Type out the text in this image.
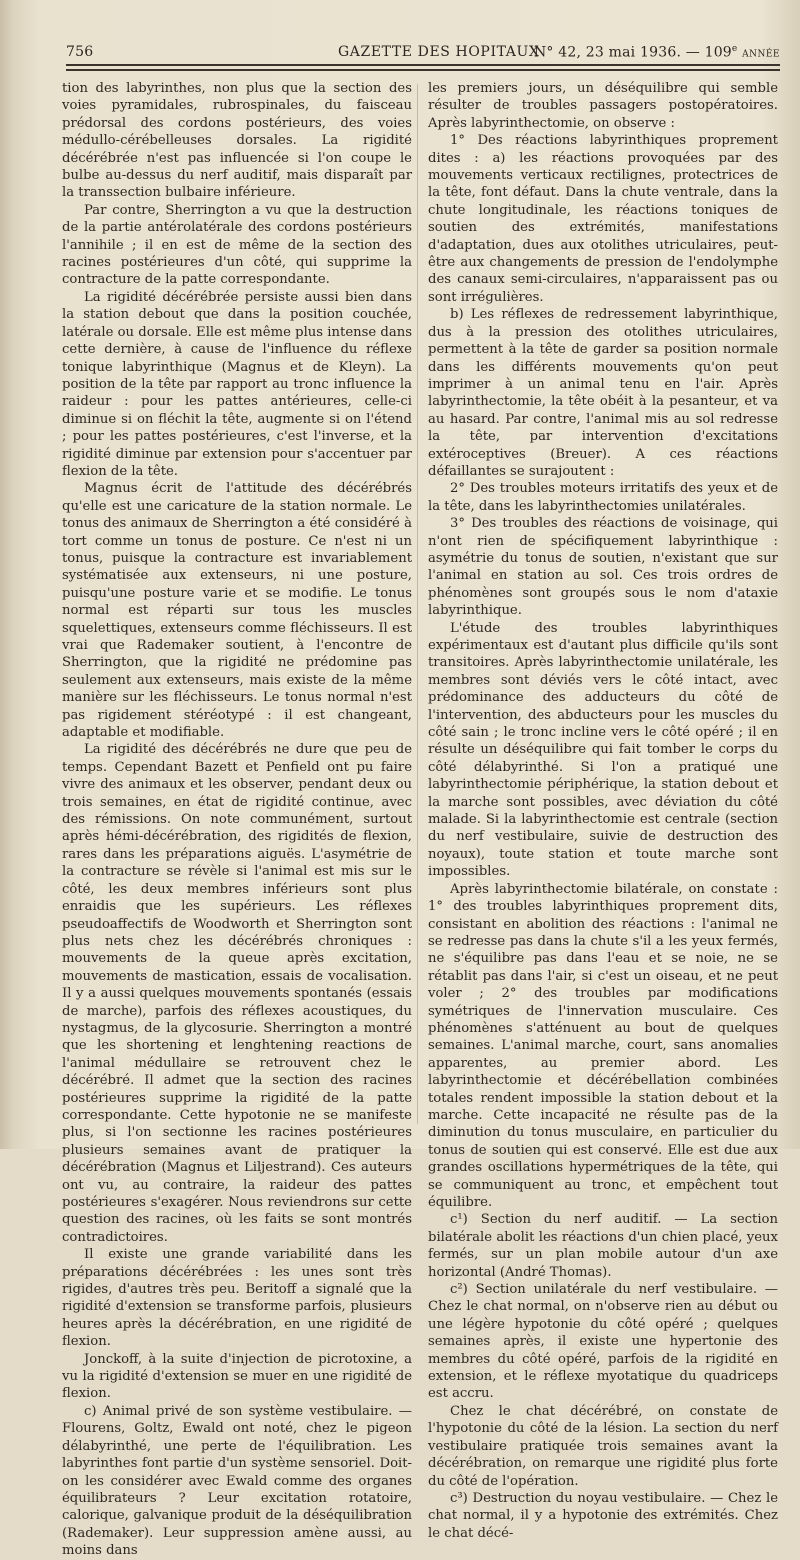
756	GAZETTE DES HOPITAUX
N° 42, 23 mai 1936. — 109e ANNÉE

tion des labyrinthes, non plus que la section des voies pyramidales, rubrospinales, du faisceau prédorsal des cordons postérieurs, des voies médullo-cérébelleuses dorsales. La rigidité décérébrée n'est pas influencée si l'on coupe le bulbe au-dessus du nerf auditif, mais disparaît par la transsection bulbaire inférieure.

Par contre, Sherrington a vu que la destruction de la partie antérolatérale des cordons postérieurs l'annihile ; il en est de même de la section des racines postérieures d'un côté, qui supprime la contracture de la patte correspondante.

La rigidité décérébrée persiste aussi bien dans la station debout que dans la position couchée, latérale ou dorsale. Elle est même plus intense dans cette dernière, à cause de l'influence du réflexe tonique labyrinthique (Magnus et de Kleyn). La position de la tête par rapport au tronc influence la raideur : pour les pattes antérieures, celle-ci diminue si on fléchit la tête, augmente si on l'étend ; pour les pattes postérieures, c'est l'inverse, et la rigidité diminue par extension pour s'accentuer par flexion de la tête.

Magnus écrit de l'attitude des décérébrés qu'elle est une caricature de la station normale. Le tonus des animaux de Sherrington a été considéré à tort comme un tonus de posture. Ce n'est ni un tonus, puisque la contracture est invariablement systématisée aux extenseurs, ni une posture, puisqu'une posture varie et se modifie. Le tonus normal est réparti sur tous les muscles squelettiques, extenseurs comme fléchisseurs. Il est vrai que Rademaker soutient, à l'encontre de Sherrington, que la rigidité ne prédomine pas seulement aux extenseurs, mais existe de la même manière sur les fléchisseurs. Le tonus normal n'est pas rigidement stéréotypé : il est changeant, adaptable et modifiable.

La rigidité des décérébrés ne dure que peu de temps. Cependant Bazett et Penfield ont pu faire vivre des animaux et les observer, pendant deux ou trois semaines, en état de rigidité continue, avec des rémissions. On note communément, surtout après hémi-décérébration, des rigidités de flexion, rares dans les préparations aiguës. L'asymétrie de la contracture se révèle si l'animal est mis sur le côté, les deux membres inférieurs sont plus enraidis que les supérieurs. Les réflexes pseudoaffectifs de Woodworth et Sherrington sont plus nets chez les décérébrés chroniques : mouvements de la queue après excitation, mouvements de mastication, essais de vocalisation. Il y a aussi quelques mouvements spontanés (essais de marche), parfois des réflexes acoustiques, du nystagmus, de la glycosurie. Sherrington a montré que les shortening et lenghtening reactions de l'animal médullaire se retrouvent chez le décérébré. Il admet que la section des racines postérieures supprime la rigidité de la patte correspondante. Cette hypotonie ne se manifeste plus, si l'on sectionne les racines postérieures plusieurs semaines avant de pratiquer la décérébration (Magnus et Liljestrand). Ces auteurs ont vu, au contraire, la raideur des pattes postérieures s'exagérer. Nous reviendrons sur cette question des racines, où les faits se sont montrés contradictoires.

Il existe une grande variabilité dans les préparations décérébrées : les unes sont très rigides, d'autres très peu. Beritoff a signalé que la rigidité d'extension se transforme parfois, plusieurs heures après la décérébration, en une rigidité de flexion.

Jonckoff, à la suite d'injection de picrotoxine, a vu la rigidité d'extension se muer en une rigidité de flexion.

c) Animal privé de son système vestibulaire. — Flourens, Goltz, Ewald ont noté, chez le pigeon délabyrinthé, une perte de l'équilibration. Les labyrinthes font partie d'un système sensoriel. Doit-on les considérer avec Ewald comme des organes équilibrateurs ? Leur excitation rotatoire, calorique, galvanique produit de la déséquilibration (Rademaker). Leur suppression amène aussi, au moins dans

les premiers jours, un déséquilibre qui semble résulter de troubles passagers postopératoires. Après labyrinthectomie, on observe :

1° Des réactions labyrinthiques proprement dites : a) les réactions provoquées par des mouvements verticaux rectilignes, protectrices de la tête, font défaut. Dans la chute ventrale, dans la chute longitudinale, les réactions toniques de soutien des extrémités, manifestations d'adaptation, dues aux otolithes utriculaires, peut-être aux changements de pression de l'endolymphe des canaux semi-circulaires, n'apparaissent pas ou sont irrégulières.

b) Les réflexes de redressement labyrinthique, dus à la pression des otolithes utriculaires, permettent à la tête de garder sa position normale dans les différents mouvements qu'on peut imprimer à un animal tenu en l'air. Après labyrinthectomie, la tête obéit à la pesanteur, et va au hasard. Par contre, l'animal mis au sol redresse la tête, par intervention d'excitations extéroceptives (Breuer). A ces réactions défaillantes se surajoutent :

2° Des troubles moteurs irritatifs des yeux et de la tête, dans les labyrinthectomies unilatérales.

3° Des troubles des réactions de voisinage, qui n'ont rien de spécifiquement labyrinthique : asymétrie du tonus de soutien, n'existant que sur l'animal en station au sol. Ces trois ordres de phénomènes sont groupés sous le nom d'ataxie labyrinthique.

L'étude des troubles labyrinthiques expérimentaux est d'autant plus difficile qu'ils sont transitoires. Après labyrinthectomie unilatérale, les membres sont déviés vers le côté intact, avec prédominance des adducteurs du côté de l'intervention, des abducteurs pour les muscles du côté sain ; le tronc incline vers le côté opéré ; il en résulte un déséquilibre qui fait tomber le corps du côté délabyrinthé. Si l'on a pratiqué une labyrinthectomie périphérique, la station debout et la marche sont possibles, avec déviation du côté malade. Si la labyrinthectomie est centrale (section du nerf vestibulaire, suivie de destruction des noyaux), toute station et toute marche sont impossibles.

Après labyrinthectomie bilatérale, on constate : 1° des troubles labyrinthiques proprement dits, consistant en abolition des réactions : l'animal ne se redresse pas dans la chute s'il a les yeux fermés, ne s'équilibre pas dans l'eau et se noie, ne se rétablit pas dans l'air, si c'est un oiseau, et ne peut voler ; 2° des troubles par modifications symétriques de l'innervation musculaire. Ces phénomènes s'atténuent au bout de quelques semaines. L'animal marche, court, sans anomalies apparentes, au premier abord. Les labyrinthectomie et décérébellation combinées totales rendent impossible la station debout et la marche. Cette incapacité ne résulte pas de la diminution du tonus musculaire, en particulier du tonus de soutien qui est conservé. Elle est due aux grandes oscillations hypermétriques de la tête, qui se communiquent au tronc, et empêchent tout équilibre.

c¹) Section du nerf auditif. — La section bilatérale abolit les réactions d'un chien placé, yeux fermés, sur un plan mobile autour d'un axe horizontal (André Thomas).

c²) Section unilatérale du nerf vestibulaire. — Chez le chat normal, on n'observe rien au début ou une légère hypotonie du côté opéré ; quelques semaines après, il existe une hypertonie des membres du côté opéré, parfois de la rigidité en extension, et le réflexe myotatique du quadriceps est accru.

Chez le chat décérébré, on constate de l'hypotonie du côté de la lésion. La section du nerf vestibulaire pratiquée trois semaines avant la décérébration, on remarque une rigidité plus forte du côté de l'opération.

c³) Destruction du noyau vestibulaire. — Chez le chat normal, il y a hypotonie des extrémités. Chez le chat décé-
